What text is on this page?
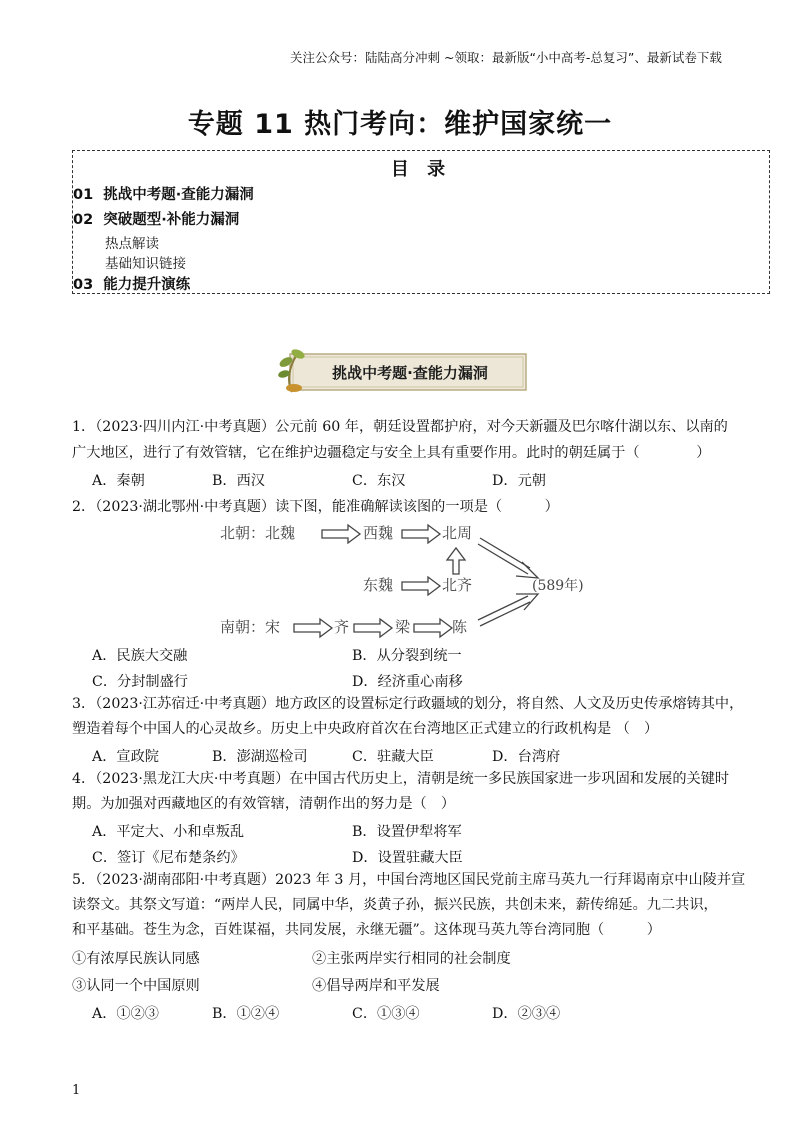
关注公众号：陆陆高分冲刺 ~领取：最新版“小中高考-总复习”、最新试卷下载
专题 11 热门考向：维护国家统一
目 录
01 挑战中考题·查能力漏洞
02 突破题型·补能力漏洞
热点解读
基础知识链接
03 能力提升演练
挑战中考题·查能力漏洞
1．（2023·四川内江·中考真题）公元前 60 年，朝廷设置都护府，对今天新疆及巴尔喀什湖以东、以南的
广大地区，进行了有效管辖，它在维护边疆稳定与安全上具有重要作用。此时的朝廷属于（　　　　）
A．秦朝	B．西汉	C．东汉	D．元朝
2．（2023·湖北鄂州·中考真题）读下图，能准确解读该图的一项是（　　　）
北朝：北魏	西魏	北周
东魏	北齐	(589年)
南朝：宋	齐	梁	陈
A．民族大交融	B．从分裂到统一
C．分封制盛行	D．经济重心南移
3．（2023·江苏宿迁·中考真题）地方政区的设置标定行政疆域的划分，将自然、人文及历史传承熔铸其中，
塑造着每个中国人的心灵故乡。历史上中央政府首次在台湾地区正式建立的行政机构是 （　）
A．宣政院	B．澎湖巡检司	C．驻藏大臣	D．台湾府
4．（2023·黑龙江大庆·中考真题）在中国古代历史上，清朝是统一多民族国家进一步巩固和发展的关键时
期。为加强对西藏地区的有效管辖，清朝作出的努力是（　）
A．平定大、小和卓叛乱	B．设置伊犁将军
C．签订《尼布楚条约》	D．设置驻藏大臣
5．（2023·湖南邵阳·中考真题）2023 年 3 月，中国台湾地区国民党前主席马英九一行拜谒南京中山陵并宣
读祭文。其祭文写道：“两岸人民，同属中华，炎黄子孙，振兴民族，共创未来，薪传绵延。九二共识，
和平基础。苍生为念，百姓谋福，共同发展，永继无疆”。这体现马英九等台湾同胞（　　　）
①有浓厚民族认同感	②主张两岸实行相同的社会制度
③认同一个中国原则	④倡导两岸和平发展
A．①②③	B．①②④	C．①③④	D．②③④
1
